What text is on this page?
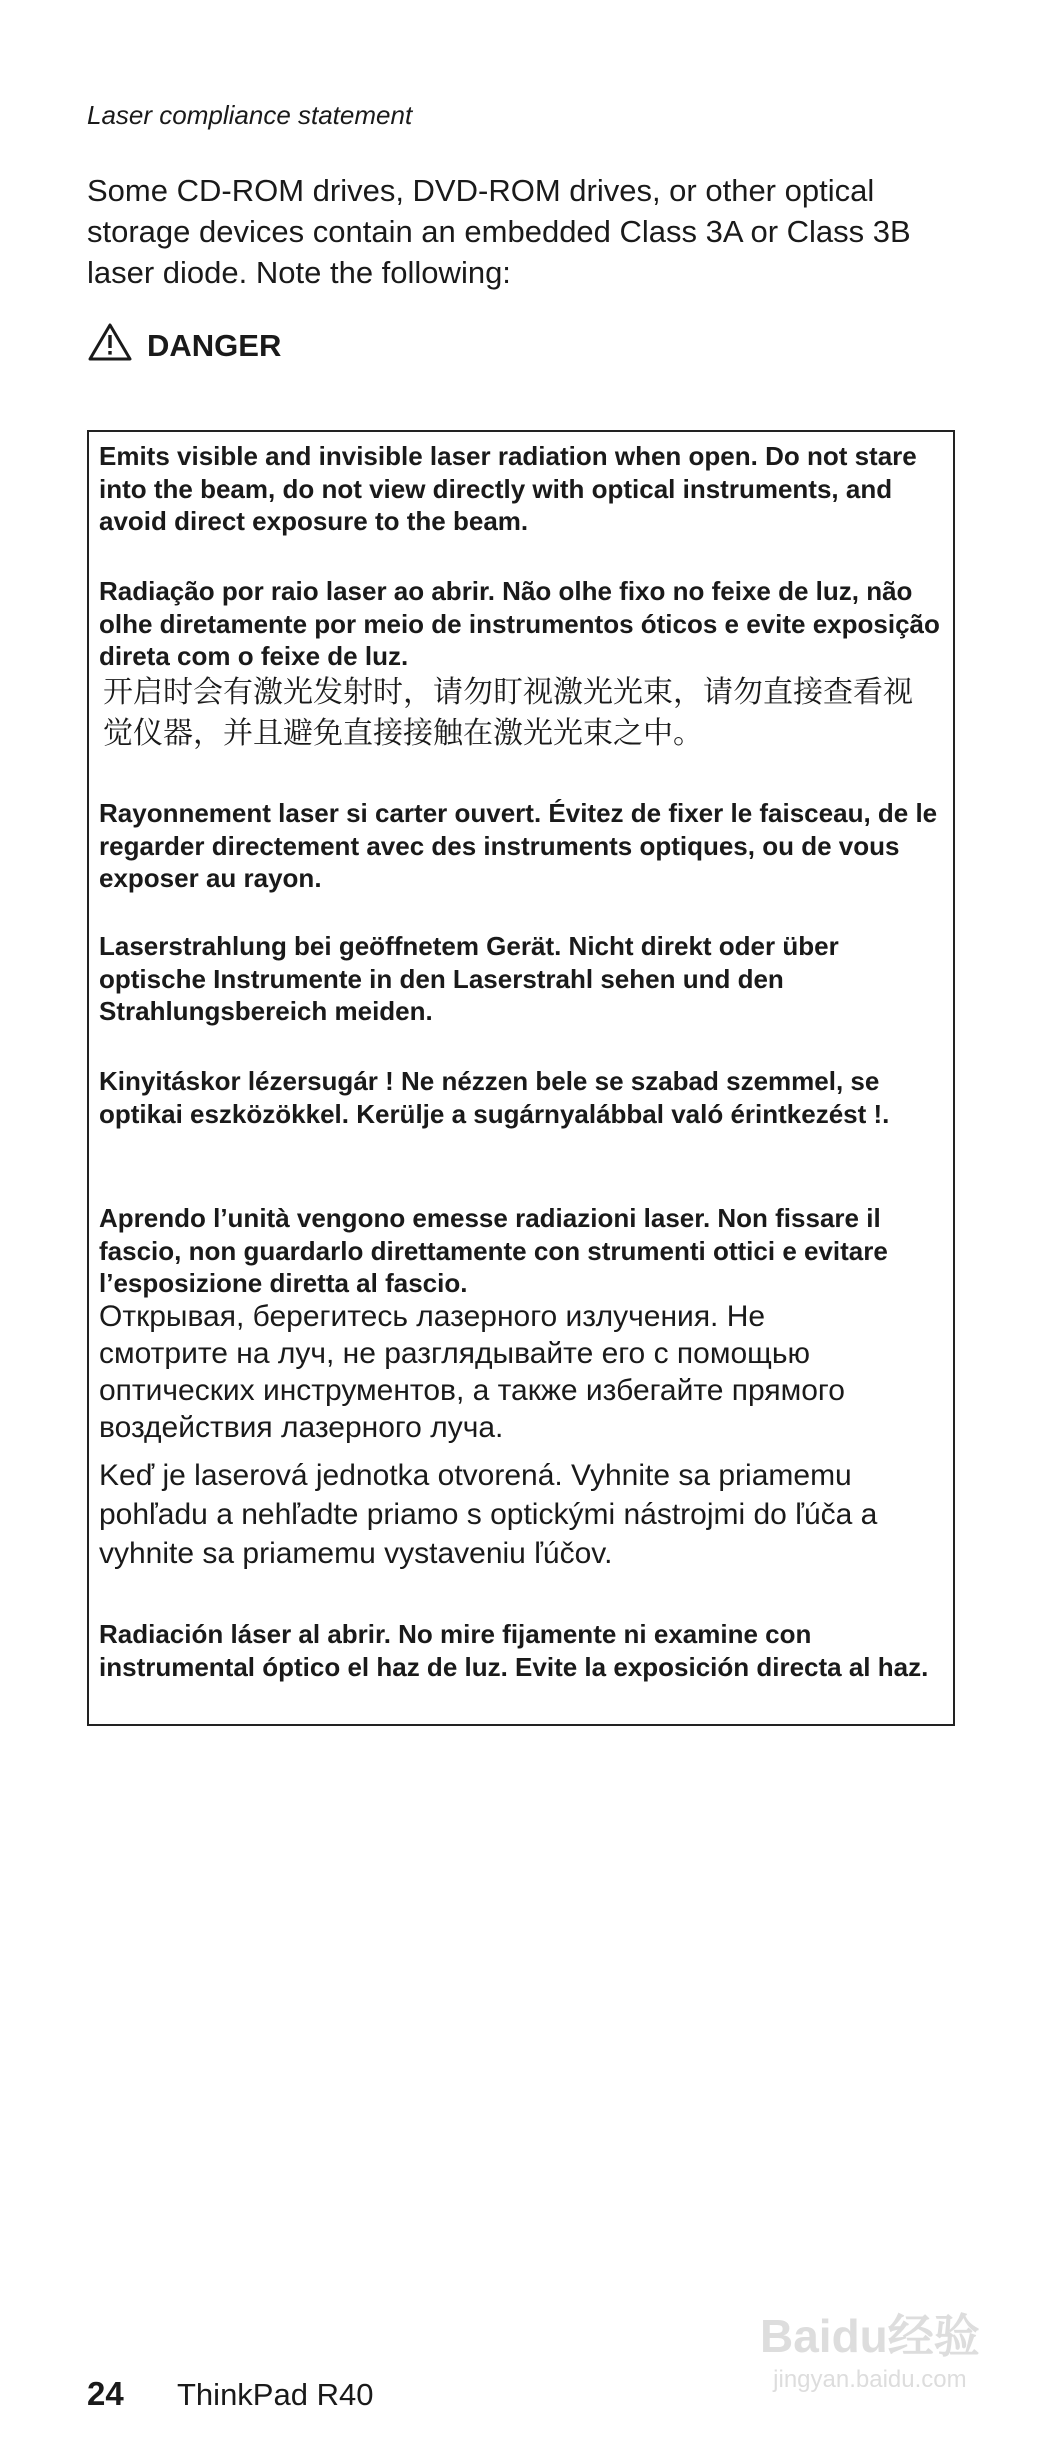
Laser compliance statement
Some CD-ROM drives, DVD-ROM drives, or other optical storage devices contain an embedded Class 3A or Class 3B laser diode. Note the following:
DANGER
Emits visible and invisible laser radiation when open. Do not stare into the beam, do not view directly with optical instruments, and avoid direct exposure to the beam.
Radiação por raio laser ao abrir. Não olhe fixo no feixe de luz, não olhe diretamente por meio de instrumentos óticos e evite exposição direta com o feixe de luz.
开启时会有激光发射时，请勿盯视激光光束，请勿直接查看视觉仪器，并且避免直接接触在激光光束之中。
Rayonnement laser si carter ouvert. Évitez de fixer le faisceau, de le regarder directement avec des instruments optiques, ou de vous exposer au rayon.
Laserstrahlung bei geöffnetem Gerät. Nicht direkt oder über optische Instrumente in den Laserstrahl sehen und den Strahlungsbereich meiden.
Kinyitáskor lézersugár ! Ne nézzen bele se szabad szemmel, se optikai eszközökkel. Kerülje a sugárnyalábbal való érintkezést !.
Aprendo l’unità vengono emesse radiazioni laser. Non fissare il fascio, non guardarlo direttamente con strumenti ottici e evitare l’esposizione diretta al fascio.
Открывая, берегитесь лазерного излучения. Не смотрите на луч, не разглядывайте его с помощью оптических инструментов, а также избегайте прямого воздействия лазерного луча.
Keď je laserová jednotka otvorená. Vyhnite sa priamemu pohľadu a nehľadte priamo s optickými nástrojmi do ľúča a vyhnite sa priamemu vystaveniu ľúčov.
Radiación láser al abrir. No mire fijamente ni examine con instrumental óptico el haz de luz. Evite la exposición directa al haz.
24 ThinkPad R40
Baidu经验
jingyan.baidu.com
